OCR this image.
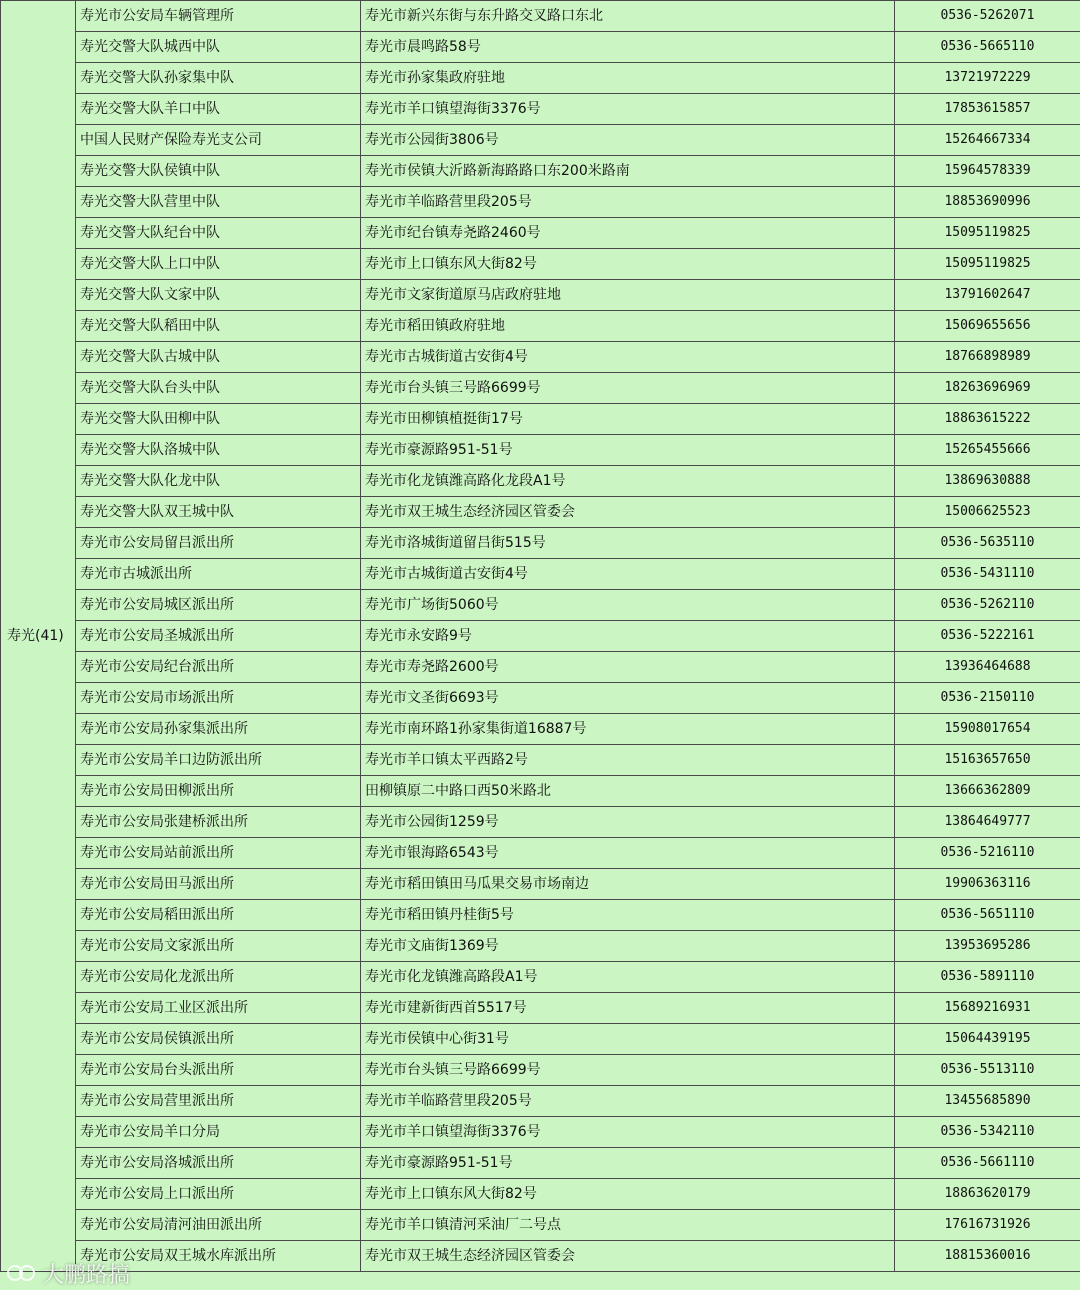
寿光(41)	寿光市公安局车辆管理所	寿光市新兴东街与东升路交叉路口东北	0536-5262071
	寿光交警大队城西中队	寿光市晨鸣路58号	0536-5665110
	寿光交警大队孙家集中队	寿光市孙家集政府驻地	13721972229
	寿光交警大队羊口中队	寿光市羊口镇望海街3376号	17853615857
	中国人民财产保险寿光支公司	寿光市公园街3806号	15264667334
	寿光交警大队侯镇中队	寿光市侯镇大沂路新海路路口东200米路南	15964578339
	寿光交警大队营里中队	寿光市羊临路营里段205号	18853690996
	寿光交警大队纪台中队	寿光市纪台镇寿尧路2460号	15095119825
	寿光交警大队上口中队	寿光市上口镇东风大街82号	15095119825
	寿光交警大队文家中队	寿光市文家街道原马店政府驻地	13791602647
	寿光交警大队稻田中队	寿光市稻田镇政府驻地	15069655656
	寿光交警大队古城中队	寿光市古城街道古安街4号	18766898989
	寿光交警大队台头中队	寿光市台头镇三号路6699号	18263696969
	寿光交警大队田柳中队	寿光市田柳镇植挺街17号	18863615222
	寿光交警大队洛城中队	寿光市豪源路951-51号	15265455666
	寿光交警大队化龙中队	寿光市化龙镇潍高路化龙段A1号	13869630888
	寿光交警大队双王城中队	寿光市双王城生态经济园区管委会	15006625523
	寿光市公安局留吕派出所	寿光市洛城街道留吕街515号	0536-5635110
	寿光市古城派出所	寿光市古城街道古安街4号	0536-5431110
	寿光市公安局城区派出所	寿光市广场街5060号	0536-5262110
	寿光市公安局圣城派出所	寿光市永安路9号	0536-5222161
	寿光市公安局纪台派出所	寿光市寿尧路2600号	13936464688
	寿光市公安局市场派出所	寿光市文圣街6693号	0536-2150110
	寿光市公安局孙家集派出所	寿光市南环路1孙家集街道16887号	15908017654
	寿光市公安局羊口边防派出所	寿光市羊口镇太平西路2号	15163657650
	寿光市公安局田柳派出所	田柳镇原二中路口西50米路北	13666362809
	寿光市公安局张建桥派出所	寿光市公园街1259号	13864649777
	寿光市公安局站前派出所	寿光市银海路6543号	0536-5216110
	寿光市公安局田马派出所	寿光市稻田镇田马瓜果交易市场南边	19906363116
	寿光市公安局稻田派出所	寿光市稻田镇丹桂街5号	0536-5651110
	寿光市公安局文家派出所	寿光市文庙街1369号	13953695286
	寿光市公安局化龙派出所	寿光市化龙镇潍高路段A1号	0536-5891110
	寿光市公安局工业区派出所	寿光市建新街西首5517号	15689216931
	寿光市公安局侯镇派出所	寿光市侯镇中心街31号	15064439195
	寿光市公安局台头派出所	寿光市台头镇三号路6699号	0536-5513110
	寿光市公安局营里派出所	寿光市羊临路营里段205号	13455685890
	寿光市公安局羊口分局	寿光市羊口镇望海街3376号	0536-5342110
	寿光市公安局洛城派出所	寿光市豪源路951-51号	0536-5661110
	寿光市公安局上口派出所	寿光市上口镇东风大街82号	18863620179
	寿光市公安局清河油田派出所	寿光市羊口镇清河采油厂二号点	17616731926
	寿光市公安局双王城水库派出所	寿光市双王城生态经济园区管委会	18815360016
大鹏路搞
